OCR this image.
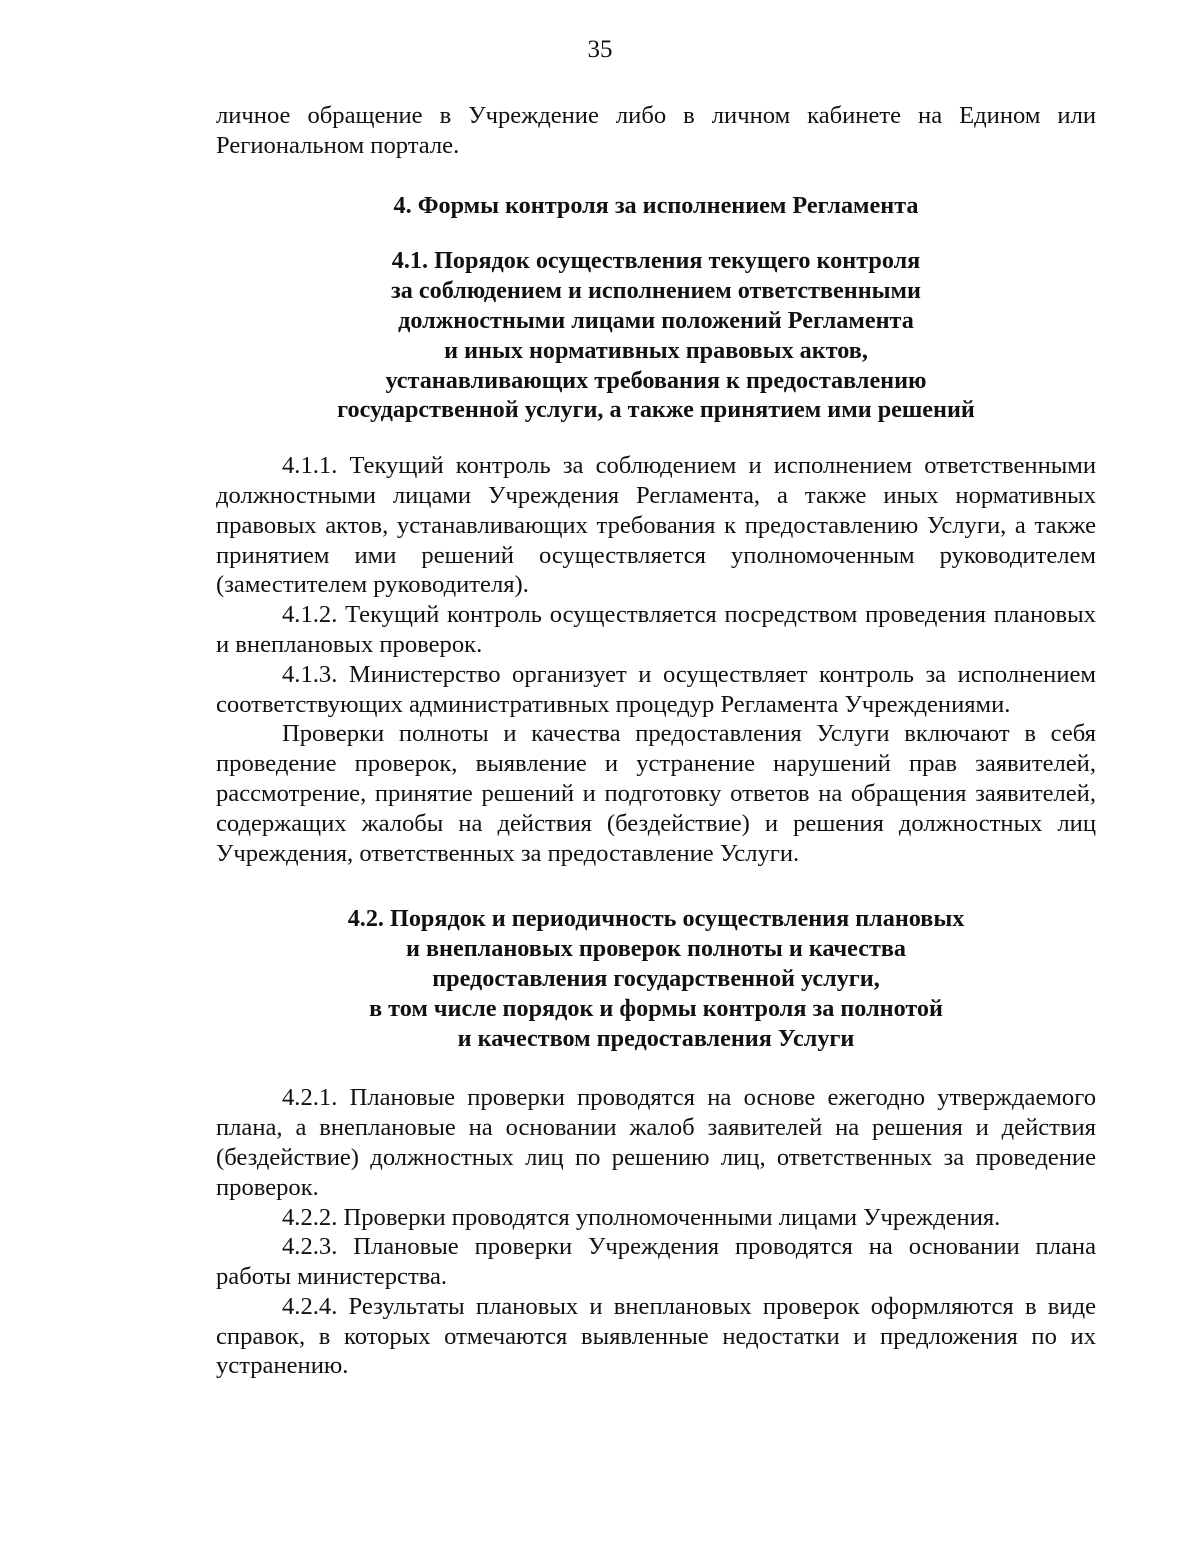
35

личное обращение в Учреждение либо в личном кабинете на Едином или Региональном портале.

4. Формы контроля за исполнением Регламента

4.1. Порядок осуществления текущего контроля
за соблюдением и исполнением ответственными
должностными лицами положений Регламента
и иных нормативных правовых актов,
устанавливающих требования к предоставлению
государственной услуги, а также принятием ими решений

4.1.1. Текущий контроль за соблюдением и исполнением ответственными должностными лицами Учреждения Регламента, а также иных нормативных правовых актов, устанавливающих требования к предоставлению Услуги, а также принятием ими решений осуществляется уполномоченным руководителем (заместителем руководителя).

4.1.2. Текущий контроль осуществляется посредством проведения плановых и внеплановых проверок.

4.1.3. Министерство организует и осуществляет контроль за исполнением соответствующих административных процедур Регламента Учреждениями.

Проверки полноты и качества предоставления Услуги включают в себя проведение проверок, выявление и устранение нарушений прав заявителей, рассмотрение, принятие решений и подготовку ответов на обращения заявителей, содержащих жалобы на действия (бездействие) и решения должностных лиц Учреждения, ответственных за предоставление Услуги.

4.2. Порядок и периодичность осуществления плановых
и внеплановых проверок полноты и качества
предоставления государственной услуги,
в том числе порядок и формы контроля за полнотой
и качеством предоставления Услуги

4.2.1. Плановые проверки проводятся на основе ежегодно утверждаемого плана, а внеплановые на основании жалоб заявителей на решения и действия (бездействие) должностных лиц по решению лиц, ответственных за проведение проверок.

4.2.2. Проверки проводятся уполномоченными лицами Учреждения.

4.2.3. Плановые проверки Учреждения проводятся на основании плана работы министерства.

4.2.4. Результаты плановых и внеплановых проверок оформляются в виде справок, в которых отмечаются выявленные недостатки и предложения по их устранению.
